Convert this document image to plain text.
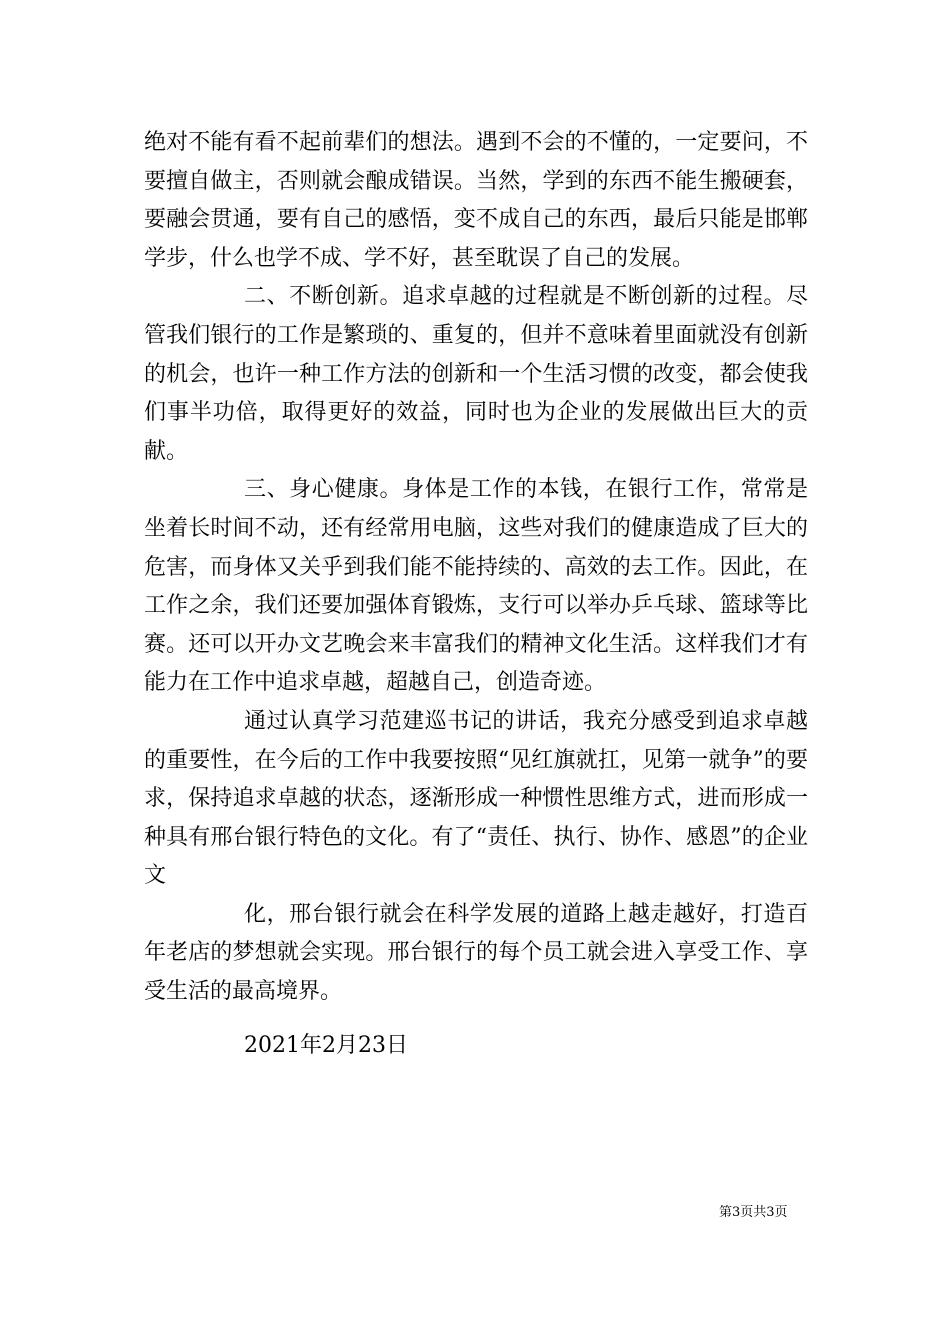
绝对不能有看不起前辈们的想法。遇到不会的不懂的，一定要问，不要擅自做主，否则就会酿成错误。当然，学到的东西不能生搬硬套，要融会贯通，要有自己的感悟，变不成自己的东西，最后只能是邯郸学步，什么也学不成、学不好，甚至耽误了自己的发展。

二、不断创新。追求卓越的过程就是不断创新的过程。尽管我们银行的工作是繁琐的、重复的，但并不意味着里面就没有创新的机会，也许一种工作方法的创新和一个生活习惯的改变，都会使我们事半功倍，取得更好的效益，同时也为企业的发展做出巨大的贡献。

三、身心健康。身体是工作的本钱，在银行工作，常常是坐着长时间不动，还有经常用电脑，这些对我们的健康造成了巨大的危害，而身体又关乎到我们能不能持续的、高效的去工作。因此，在工作之余，我们还要加强体育锻炼，支行可以举办乒乓球、篮球等比赛。还可以开办文艺晚会来丰富我们的精神文化生活。这样我们才有能力在工作中追求卓越，超越自己，创造奇迹。

通过认真学习范建巡书记的讲话，我充分感受到追求卓越的重要性，在今后的工作中我要按照“见红旗就扛，见第一就争”的要求，保持追求卓越的状态，逐渐形成一种惯性思维方式，进而形成一种具有邢台银行特色的文化。有了“责任、执行、协作、感恩”的企业文

化，邢台银行就会在科学发展的道路上越走越好，打造百年老店的梦想就会实现。邢台银行的每个员工就会进入享受工作、享受生活的最高境界。

2021年2月23日
第3页共3页
